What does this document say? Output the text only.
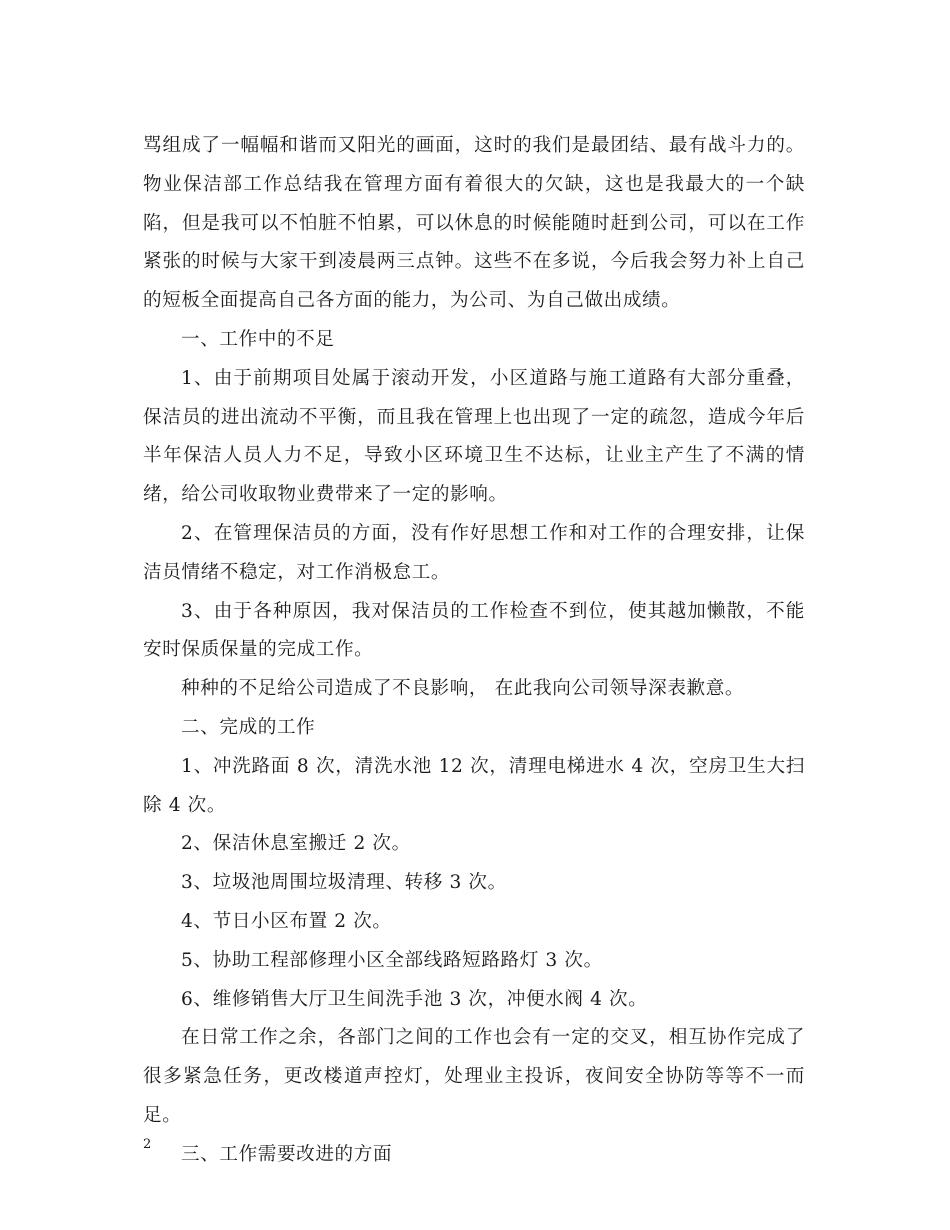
骂组成了一幅幅和谐而又阳光的画面，这时的我们是最团结、最有战斗力的。物业保洁部工作总结我在管理方面有着很大的欠缺，这也是我最大的一个缺陷，但是我可以不怕脏不怕累，可以休息的时候能随时赶到公司，可以在工作紧张的时候与大家干到凌晨两三点钟。这些不在多说，今后我会努力补上自己的短板全面提高自己各方面的能力，为公司、为自己做出成绩。

一、工作中的不足

1、由于前期项目处属于滚动开发，小区道路与施工道路有大部分重叠，保洁员的进出流动不平衡，而且我在管理上也出现了一定的疏忽，造成今年后半年保洁人员人力不足，导致小区环境卫生不达标，让业主产生了不满的情绪，给公司收取物业费带来了一定的影响。

2、在管理保洁员的方面，没有作好思想工作和对工作的合理安排，让保洁员情绪不稳定，对工作消极怠工。

3、由于各种原因，我对保洁员的工作检查不到位，使其越加懒散，不能安时保质保量的完成工作。

种种的不足给公司造成了不良影响， 在此我向公司领导深表歉意。

二、完成的工作

1、冲洗路面 8 次，清洗水池 12 次，清理电梯进水 4 次，空房卫生大扫除 4 次。

2、保洁休息室搬迁 2 次。

3、垃圾池周围垃圾清理、转移 3 次。

4、节日小区布置 2 次。

5、协助工程部修理小区全部线路短路路灯 3 次。

6、维修销售大厅卫生间洗手池 3 次，冲便水阀 4 次。

在日常工作之余，各部门之间的工作也会有一定的交叉，相互协作完成了很多紧急任务，更改楼道声控灯，处理业主投诉，夜间安全协防等等不一而足。

三、工作需要改进的方面

2
